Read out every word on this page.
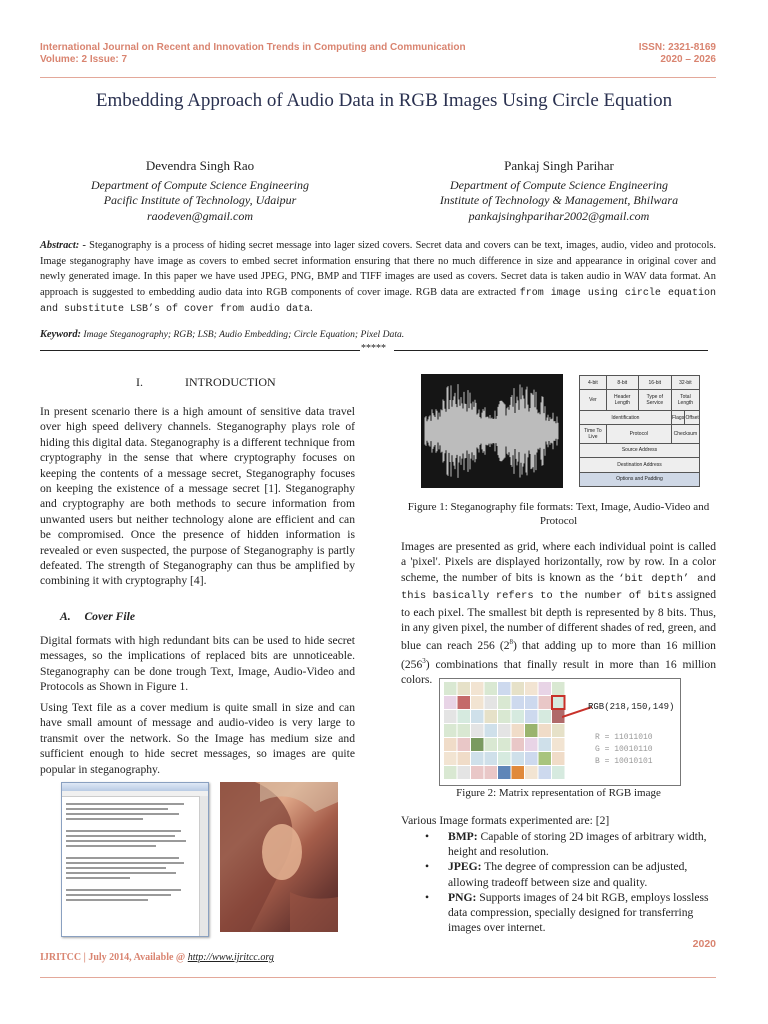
International Journal on Recent and Innovation Trends in Computing and Communication
Volume: 2 Issue: 7
ISSN: 2321-8169
2020 – 2026
Embedding Approach of Audio Data in RGB Images Using Circle Equation
Devendra Singh Rao
Department of Compute Science Engineering
Pacific Institute of Technology, Udaipur
raodeven@gmail.com
Pankaj Singh Parihar
Department of Compute Science Engineering
Institute of Technology & Management, Bhilwara
pankajsinghparihar2002@gmail.com
Abstract: - Steganography is a process of hiding secret message into lager sized covers. Secret data and covers can be text, images, audio, video and protocols. Image steganography have image as covers to embed secret information ensuring that there no much difference in size and appearance in original cover and newly generated image. In this paper we have used JPEG, PNG, BMP and TIFF images are used as covers. Secret data is taken audio in WAV data format. An approach is suggested to embedding audio data into RGB components of cover image. RGB data are extracted from image using circle equation and substitute LSB’s of cover from audio data.
Keyword: Image Steganography; RGB; LSB; Audio Embedding; Circle Equation; Pixel Data.
*****
I.	INTRODUCTION

In present scenario there is a high amount of sensitive data travel over high speed delivery channels. Steganography plays role of hiding this digital data. Steganography is a different technique from cryptography in the sense that where cryptography focuses on keeping the contents of a message secret, Steganography focuses on keeping the existence of a message secret [1]. Steganography and cryptography are both methods to secure information from unwanted users but neither technology alone are efficient and can be compromised. Once the presence of hidden information is revealed or even suspected, the purpose of Steganography is partly defeated. The strength of Steganography can thus be amplified by combining it with cryptography [4].

A. Cover File

Digital formats with high redundant bits can be used to hide secret messages, so the implications of replaced bits are unnoticeable. Steganography can be done trough Text, Image, Audio-Video and Protocols as Shown in Figure 1.

Using Text file as a cover medium is quite small in size and can have small amount of message and audio-video is very large to transmit over the network. So the Image has medium size and sufficient enough to hide secret messages, so images are quite popular in steganography.

4-bit	8-bit	16-bit	32-bit	
Ver	Header Length	Type of Service	Total Length	
Identification			Flags	Offset
Time To Live	Protocol		Checksum	
Source Address				
Destination Address				
Options and Padding				
Figure 1: Steganography file formats: Text, Image, Audio-Video and Protocol
Images are presented as grid, where each individual point is called a 'pixel'. Pixels are displayed horizontally, row by row. In a color scheme, the number of bits is known as the ‘bit depth’ and this basically refers to the number of bits assigned to each pixel. The smallest bit depth is represented by 8 bits. Thus, in any given pixel, the number of different shades of red, green, and blue can reach 256 $(2^8)$ that adding up to more than 16 million $(256^3)$ combinations that finally result in more than 16 million colors.
RGB(218,150,149)
R = 11011010
G = 10010110
B = 10010101
Figure 2: Matrix representation of RGB image
Various Image formats experimented are: [2]
• BMP: Capable of storing 2D images of arbitrary width, height and resolution.
• JPEG: The degree of compression can be adjusted, allowing tradeoff between size and quality.
• PNG: Supports images of 24 bit RGB, employs lossless data compression, specially designed for transferring images over internet.
2020
IJRITCC | July 2014, Available @ http://www.ijritcc.org
